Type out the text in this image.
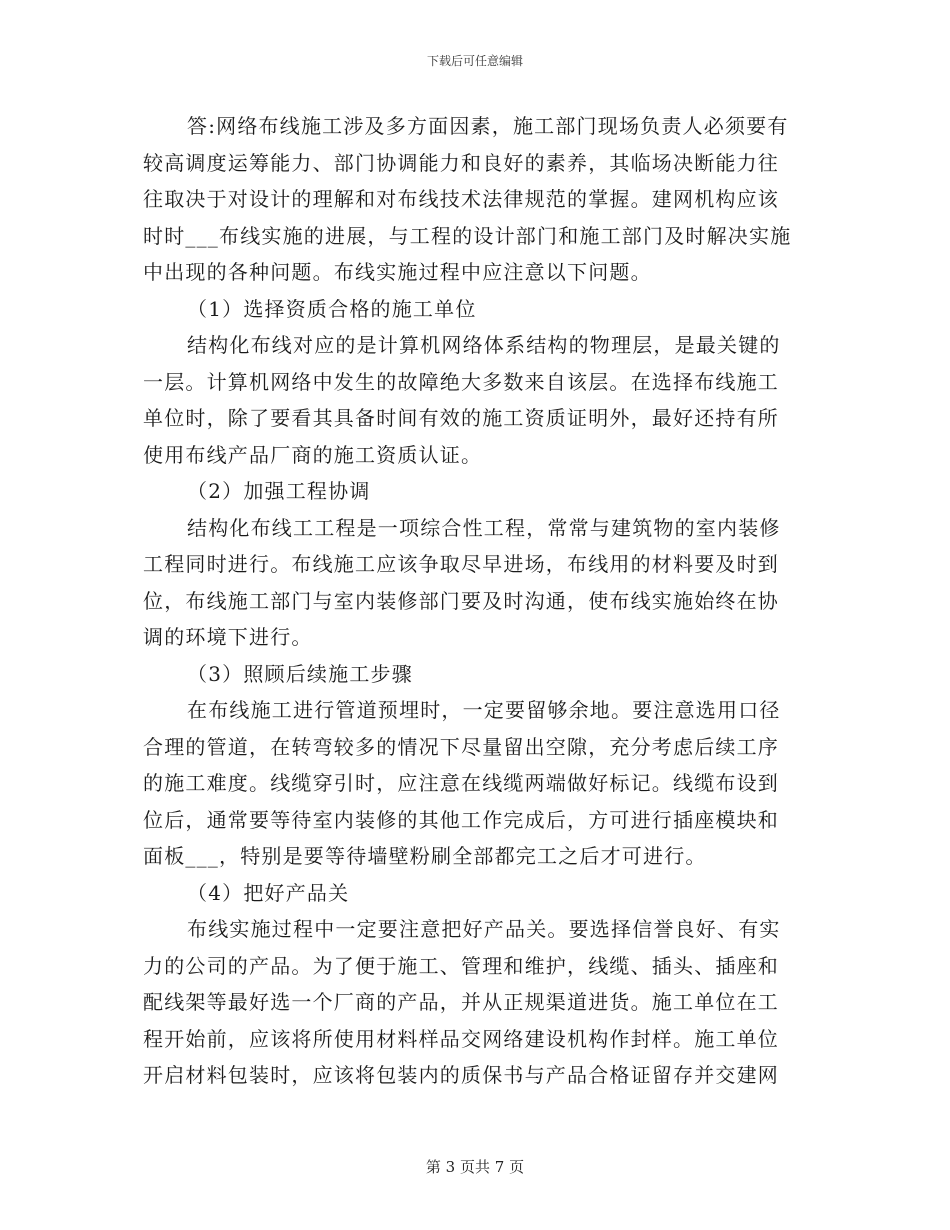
下载后可任意编辑
答:网络布线施工涉及多方面因素，施工部门现场负责人必须要有
较高调度运筹能力、部门协调能力和良好的素养，其临场决断能力往
往取决于对设计的理解和对布线技术法律规范的掌握。建网机构应该
时时___布线实施的进展，与工程的设计部门和施工部门及时解决实施
中出现的各种问题。布线实施过程中应注意以下问题。
（1）选择资质合格的施工单位
结构化布线对应的是计算机网络体系结构的物理层，是最关键的
一层。计算机网络中发生的故障绝大多数来自该层。在选择布线施工
单位时，除了要看其具备时间有效的施工资质证明外，最好还持有所
使用布线产品厂商的施工资质认证。
（2）加强工程协调
结构化布线工工程是一项综合性工程，常常与建筑物的室内装修
工程同时进行。布线施工应该争取尽早进场，布线用的材料要及时到
位，布线施工部门与室内装修部门要及时沟通，使布线实施始终在协
调的环境下进行。
（3）照顾后续施工步骤
在布线施工进行管道预埋时，一定要留够余地。要注意选用口径
合理的管道，在转弯较多的情况下尽量留出空隙，充分考虑后续工序
的施工难度。线缆穿引时，应注意在线缆两端做好标记。线缆布设到
位后，通常要等待室内装修的其他工作完成后，方可进行插座模块和
面板___，特别是要等待墙壁粉刷全部都完工之后才可进行。
（4）把好产品关
布线实施过程中一定要注意把好产品关。要选择信誉良好、有实
力的公司的产品。为了便于施工、管理和维护，线缆、插头、插座和
配线架等最好选一个厂商的产品，并从正规渠道进货。施工单位在工
程开始前，应该将所使用材料样品交网络建设机构作封样。施工单位
开启材料包装时，应该将包装内的质保书与产品合格证留存并交建网
第 3 页共 7 页
